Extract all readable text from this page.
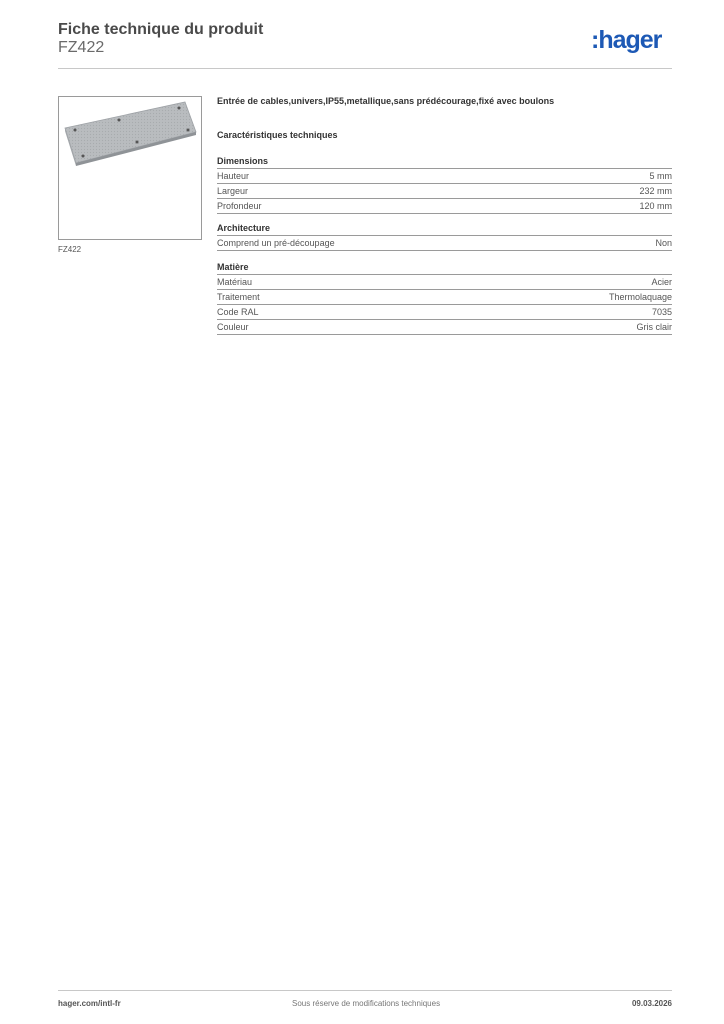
Fiche technique du produit
FZ422	:hager
FZ422
Entrée de cables,univers,IP55,metallique,sans prédécourage,fixé avec boulons
Caractéristiques techniques
Dimensions
Hauteur	5 mm
Largeur	232 mm
Profondeur	120 mm
Architecture
Comprend un pré-découpage	Non
Matière
Matériau	Acier
Traitement	Thermolaquage
Code RAL	7035
Couleur	Gris clair
hager.com/intl-fr	Sous réserve de modifications techniques	09.03.2026
